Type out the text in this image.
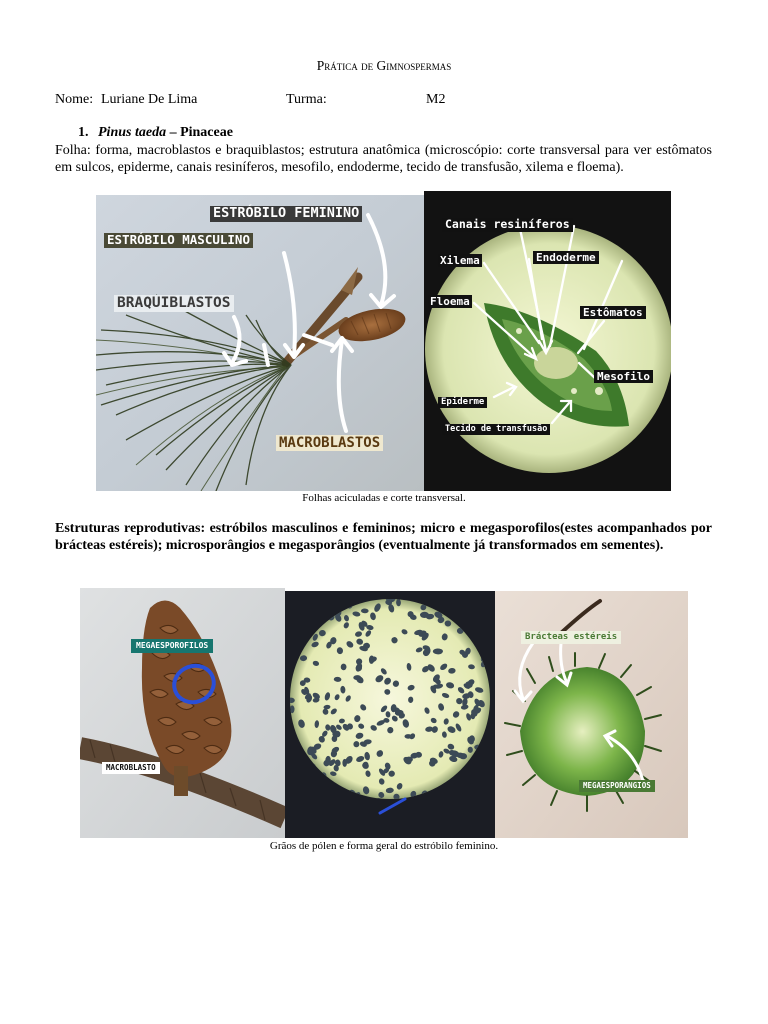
Prática de Gimnospermas
Nome: Luriane De Lima	Turma:	M2
1. Pinus taeda – Pinaceae
Folha: forma, macroblastos e braquiblastos; estrutura anatômica (microscópio: corte transversal para ver estômatos em sulcos, epiderme, canais resiníferos, mesofilo, endoderme, tecido de transfusão, xilema e floema).
ESTRÓBILO FEMININO
ESTRÓBILO MASCULINO
BRAQUIBLASTOS
MACROBLASTOS
Canais resiníferos
Xilema	Endoderme
Floema
Estômatos
Mesofilo
Epiderme
Tecido de transfusão
Folhas aciculadas e corte transversal.
Estruturas reprodutivas: estróbilos masculinos e femininos; micro e megasporofilos(estes acompanhados por brácteas estéreis); microsporângios e megasporângios (eventualmente já transformados em sementes).
MEGAESPOROFILOS
MACROBLASTO
Brácteas estéreis
MEGAESPORANGIOS
Grãos de pólen e forma geral do estróbilo feminino.
